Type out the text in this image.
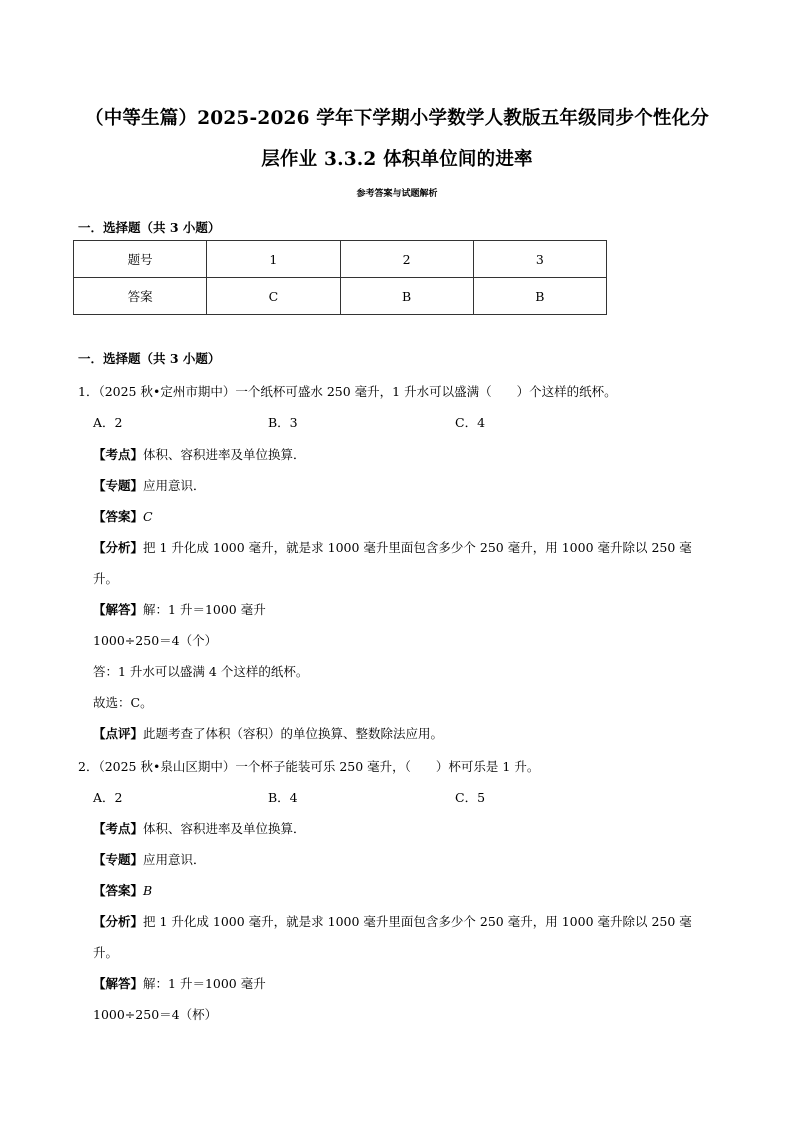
（中等生篇）2025-2026 学年下学期小学数学人教版五年级同步个性化分
层作业 3.3.2 体积单位间的进率
参考答案与试题解析
一．选择题（共 3 小题）
题号	1	2	3
答案	C	B	B
一．选择题（共 3 小题）
1．（2025 秋•定州市期中）一个纸杯可盛水 250 毫升，1 升水可以盛满（　　）个这样的纸杯。
A．2	B．3	C．4
【考点】体积、容积进率及单位换算．
【专题】应用意识．
【答案】C
【分析】把 1 升化成 1000 毫升，就是求 1000 毫升里面包含多少个 250 毫升，用 1000 毫升除以 250 毫
升。
【解答】解：1 升＝1000 毫升
1000÷250＝4（个）
答：1 升水可以盛满 4 个这样的纸杯。
故选：C。
【点评】此题考查了体积（容积）的单位换算、整数除法应用。
2．（2025 秋•泉山区期中）一个杯子能装可乐 250 毫升，（　　）杯可乐是 1 升。
A．2	B．4	C．5
【考点】体积、容积进率及单位换算．
【专题】应用意识．
【答案】B
【分析】把 1 升化成 1000 毫升，就是求 1000 毫升里面包含多少个 250 毫升，用 1000 毫升除以 250 毫
升。
【解答】解：1 升＝1000 毫升
1000÷250＝4（杯）
